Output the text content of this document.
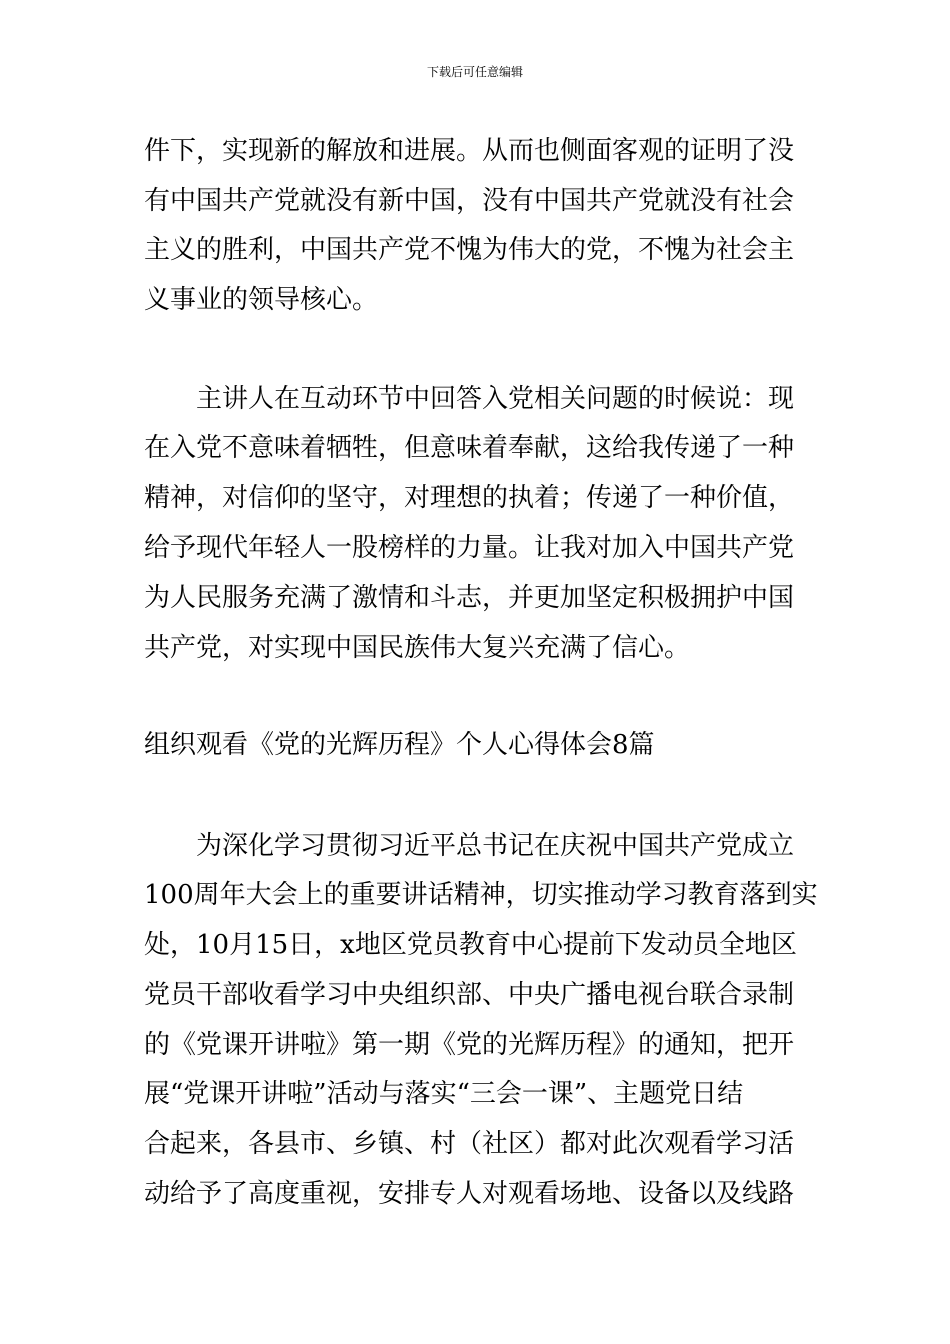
下载后可任意编辑
件下，实现新的解放和进展。从而也侧面客观的证明了没
有中国共产党就没有新中国，没有中国共产党就没有社会
主义的胜利，中国共产党不愧为伟大的党，不愧为社会主
义事业的领导核心。
主讲人在互动环节中回答入党相关问题的时候说：现
在入党不意味着牺牲，但意味着奉献，这给我传递了一种
精神，对信仰的坚守，对理想的执着；传递了一种价值，
给予现代年轻人一股榜样的力量。让我对加入中国共产党
为人民服务充满了激情和斗志，并更加坚定积极拥护中国
共产党，对实现中国民族伟大复兴充满了信心。
组织观看《党的光辉历程》个人心得体会8篇
为深化学习贯彻习近平总书记在庆祝中国共产党成立
100周年大会上的重要讲话精神，切实推动学习教育落到实
处，10月15日，x地区党员教育中心提前下发动员全地区
党员干部收看学习中央组织部、中央广播电视台联合录制
的《党课开讲啦》第一期《党的光辉历程》的通知，把开
展“党课开讲啦”活动与落实“三会一课”、主题党日结
合起来，各县市、乡镇、村（社区）都对此次观看学习活
动给予了高度重视，安排专人对观看场地、设备以及线路
